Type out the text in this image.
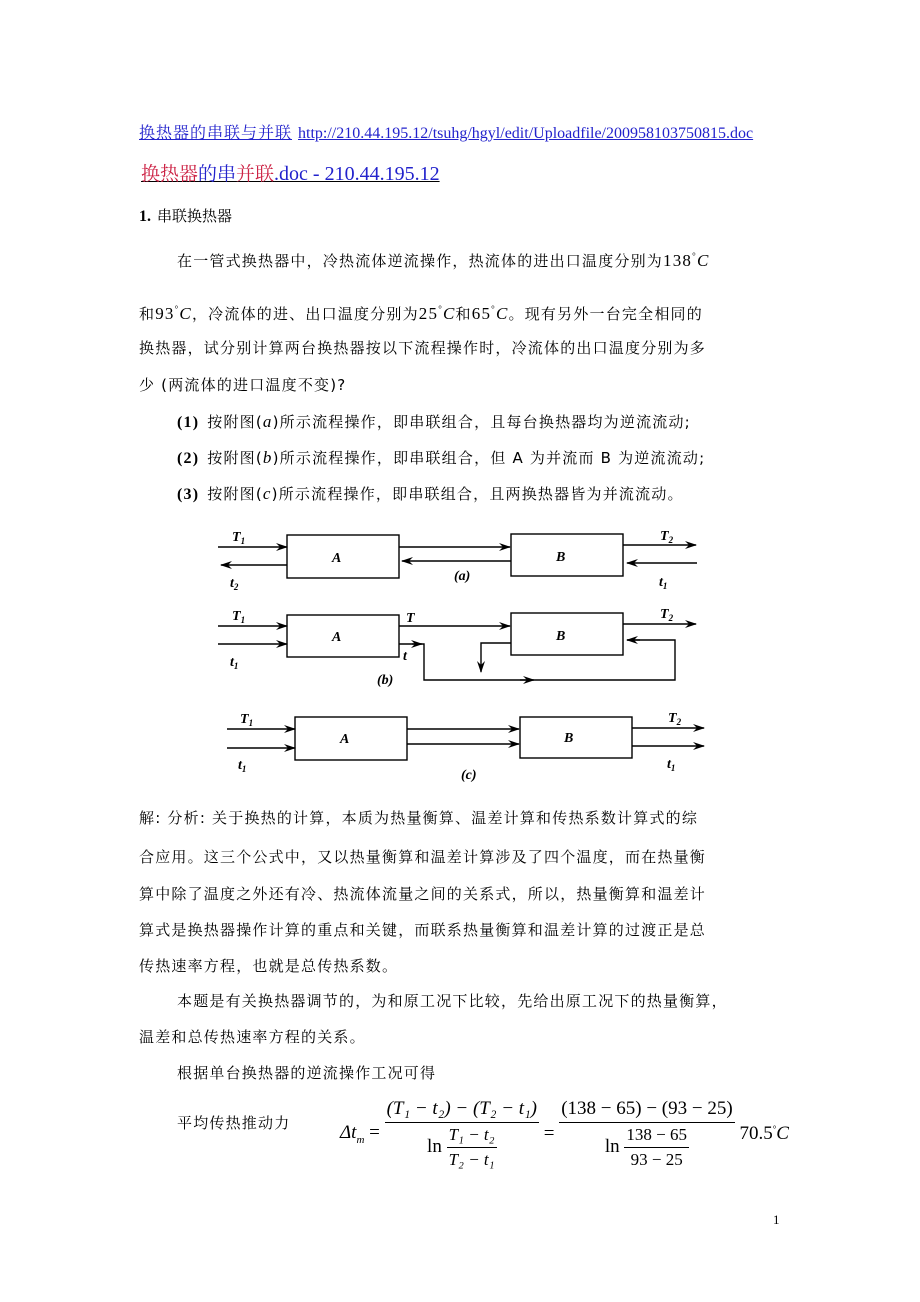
换热器的串联与并联 http://210.44.195.12/tsuhg/hgyl/edit/Uploadfile/200958103750815.doc
换热器的串并联.doc - 210.44.195.12
1. 串联换热器
在一管式换热器中，冷热流体逆流操作，热流体的进出口温度分别为138°C
和93°C，冷流体的进、出口温度分别为25°C和65°C。现有另外一台完全相同的
换热器，试分别计算两台换热器按以下流程操作时，冷流体的出口温度分别为多
少 (两流体的进口温度不变)?
(1) 按附图(a)所示流程操作，即串联组合，且每台换热器均为逆流流动;
(2) 按附图(b)所示流程操作，即串联组合，但 A 为并流而 B 为逆流流动;
(3) 按附图(c)所示流程操作，即串联组合，且两换热器皆为并流流动。
$T_1$
$t_2$
A	B
$T_2$
$t_1$
(a)
$T_1$
$t_1$
A
T
t
B
$T_2$
(b)
$T_1$
$t_1$
A	B
$T_2$
$t_1$
(c)
解: 分析: 关于换热的计算，本质为热量衡算、温差计算和传热系数计算式的综
合应用。这三个公式中，又以热量衡算和温差计算涉及了四个温度，而在热量衡
算中除了温度之外还有冷、热流体流量之间的关系式，所以，热量衡算和温差计
算式是换热器操作计算的重点和关键，而联系热量衡算和温差计算的过渡正是总
传热速率方程，也就是总传热系数。
本题是有关换热器调节的，为和原工况下比较，先给出原工况下的热量衡算，
温差和总传热速率方程的关系。
根据单台换热器的逆流操作工况可得
平均传热推动力	$\Delta t_m = \frac{\text{(T₁ − t₂) − (T₂ − t₁)}}{\ln \frac{\text{T₁ − t₂}}{\text{T₂ − t₁}}} = \frac{(138 - 65) - (93 - 25)}{\ln \frac{138 - 65}{93 - 25}} 70.5^\circ C$
1
